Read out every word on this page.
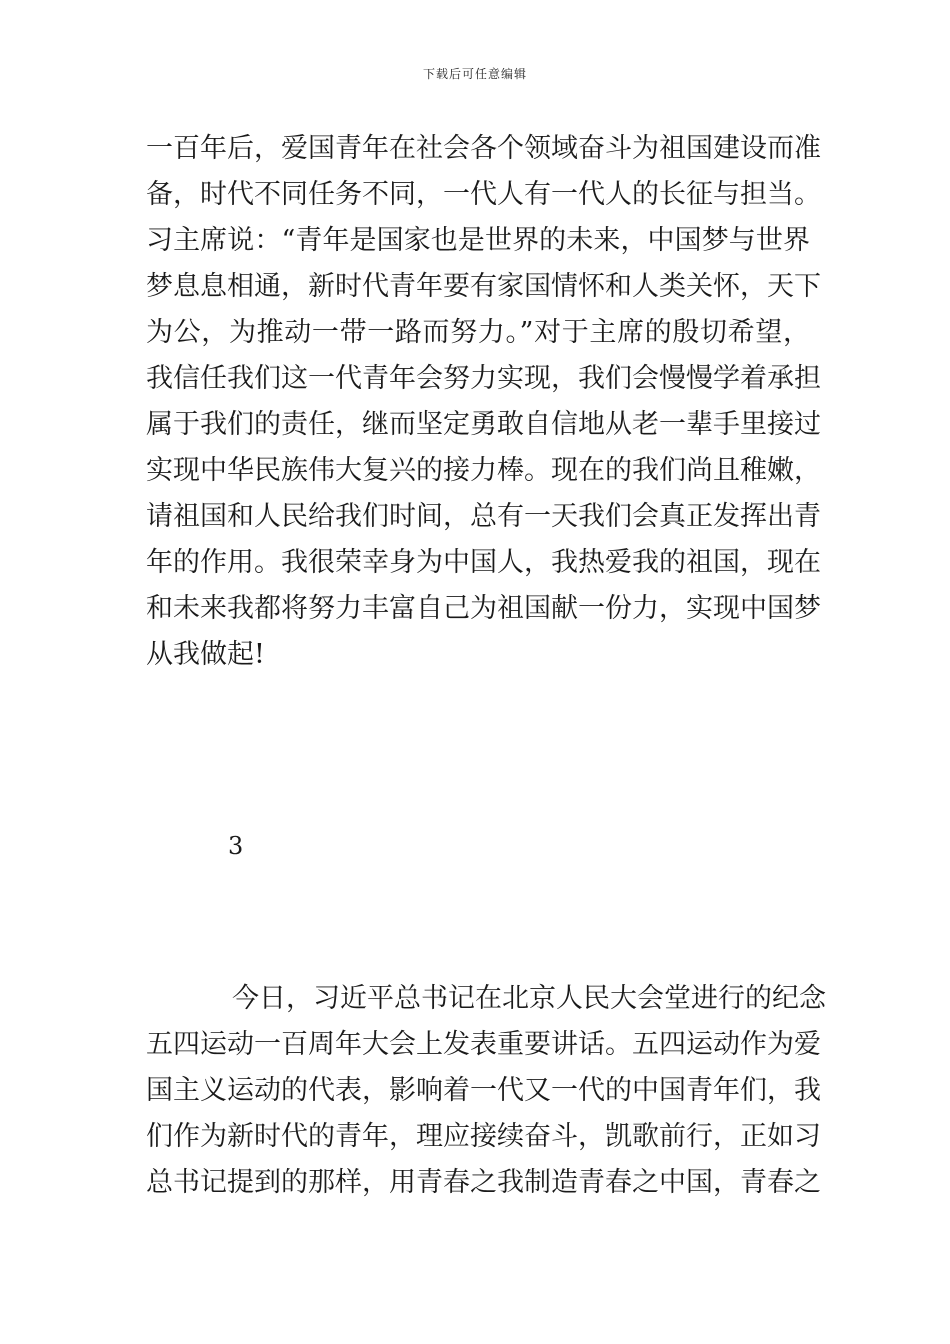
下载后可任意编辑
一百年后，爱国青年在社会各个领域奋斗为祖国建设而准
备，时代不同任务不同，一代人有一代人的长征与担当。
习主席说：“青年是国家也是世界的未来，中国梦与世界
梦息息相通，新时代青年要有家国情怀和人类关怀，天下
为公，为推动一带一路而努力。”对于主席的殷切希望，
我信任我们这一代青年会努力实现，我们会慢慢学着承担
属于我们的责任，继而坚定勇敢自信地从老一辈手里接过
实现中华民族伟大复兴的接力棒。现在的我们尚且稚嫩，
请祖国和人民给我们时间，总有一天我们会真正发挥出青
年的作用。我很荣幸身为中国人，我热爱我的祖国，现在
和未来我都将努力丰富自己为祖国献一份力，实现中国梦
从我做起!
3
今日，习近平总书记在北京人民大会堂进行的纪念
五四运动一百周年大会上发表重要讲话。五四运动作为爱
国主义运动的代表，影响着一代又一代的中国青年们，我
们作为新时代的青年，理应接续奋斗，凯歌前行，正如习
总书记提到的那样，用青春之我制造青春之中国，青春之
